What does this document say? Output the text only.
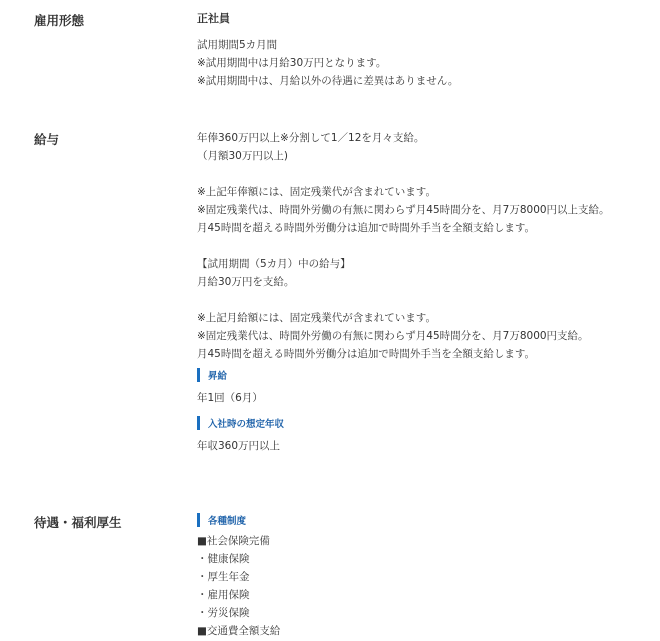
雇用形態	正社員
試用期間5カ月間
※試用期間中は月給30万円となります。
※試用期間中は、月給以外の待遇に差異はありません。
給与	年俸360万円以上※分割して1／12を月々支給。
（月額30万円以上)
※上記年俸額には、固定残業代が含まれています。
※固定残業代は、時間外労働の有無に関わらず月45時間分を、月7万8000円以上支給。
月45時間を超える時間外労働分は追加で時間外手当を全額支給します。
【試用期間（5カ月）中の給与】
月給30万円を支給。
※上記月給額には、固定残業代が含まれています。
※固定残業代は、時間外労働の有無に関わらず月45時間分を、月7万8000円支給。
月45時間を超える時間外労働分は追加で時間外手当を全額支給します。
昇給
年1回（6月）
入社時の想定年収
年収360万円以上
待遇・福利厚生	各種制度
■社会保険完備
・健康保険
・厚生年金
・雇用保険
・労災保険
■交通費全額支給
